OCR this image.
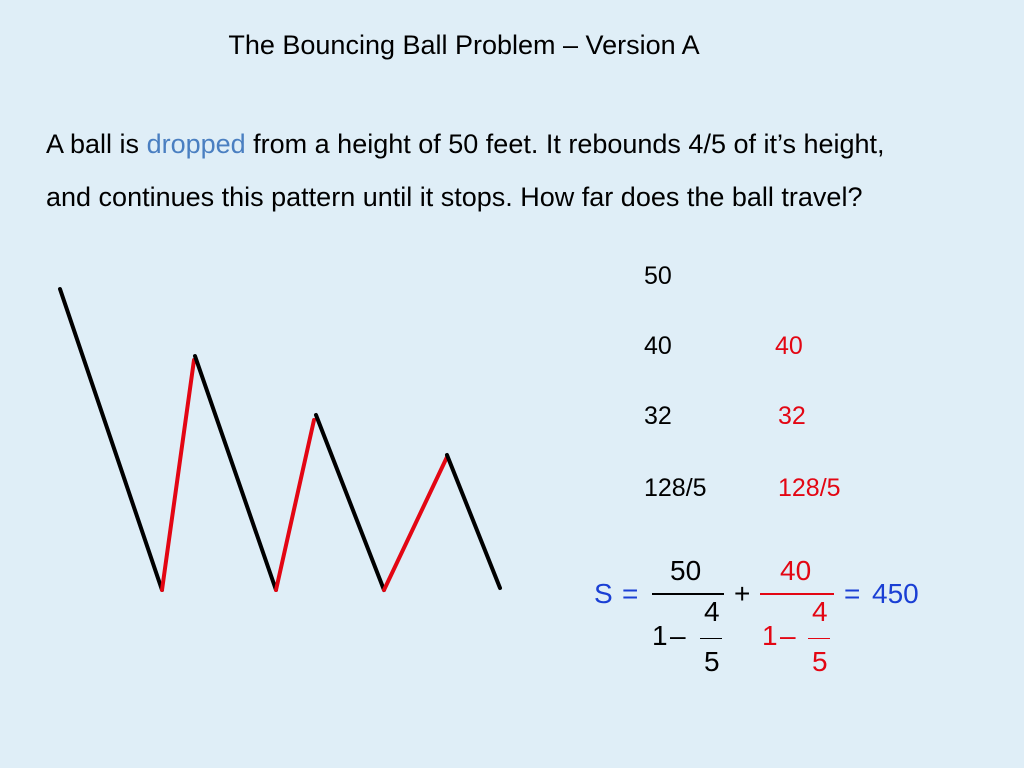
The Bouncing Ball Problem – Version A
A ball is dropped from a height of 50 feet. It rebounds 4/5 of it’s height, and continues this pattern until it stops. How far does the ball travel?
50
40
32
128/5
40
32
128/5
S =
50
1 –
4
5
+
40
1 –
4
5
= 450
